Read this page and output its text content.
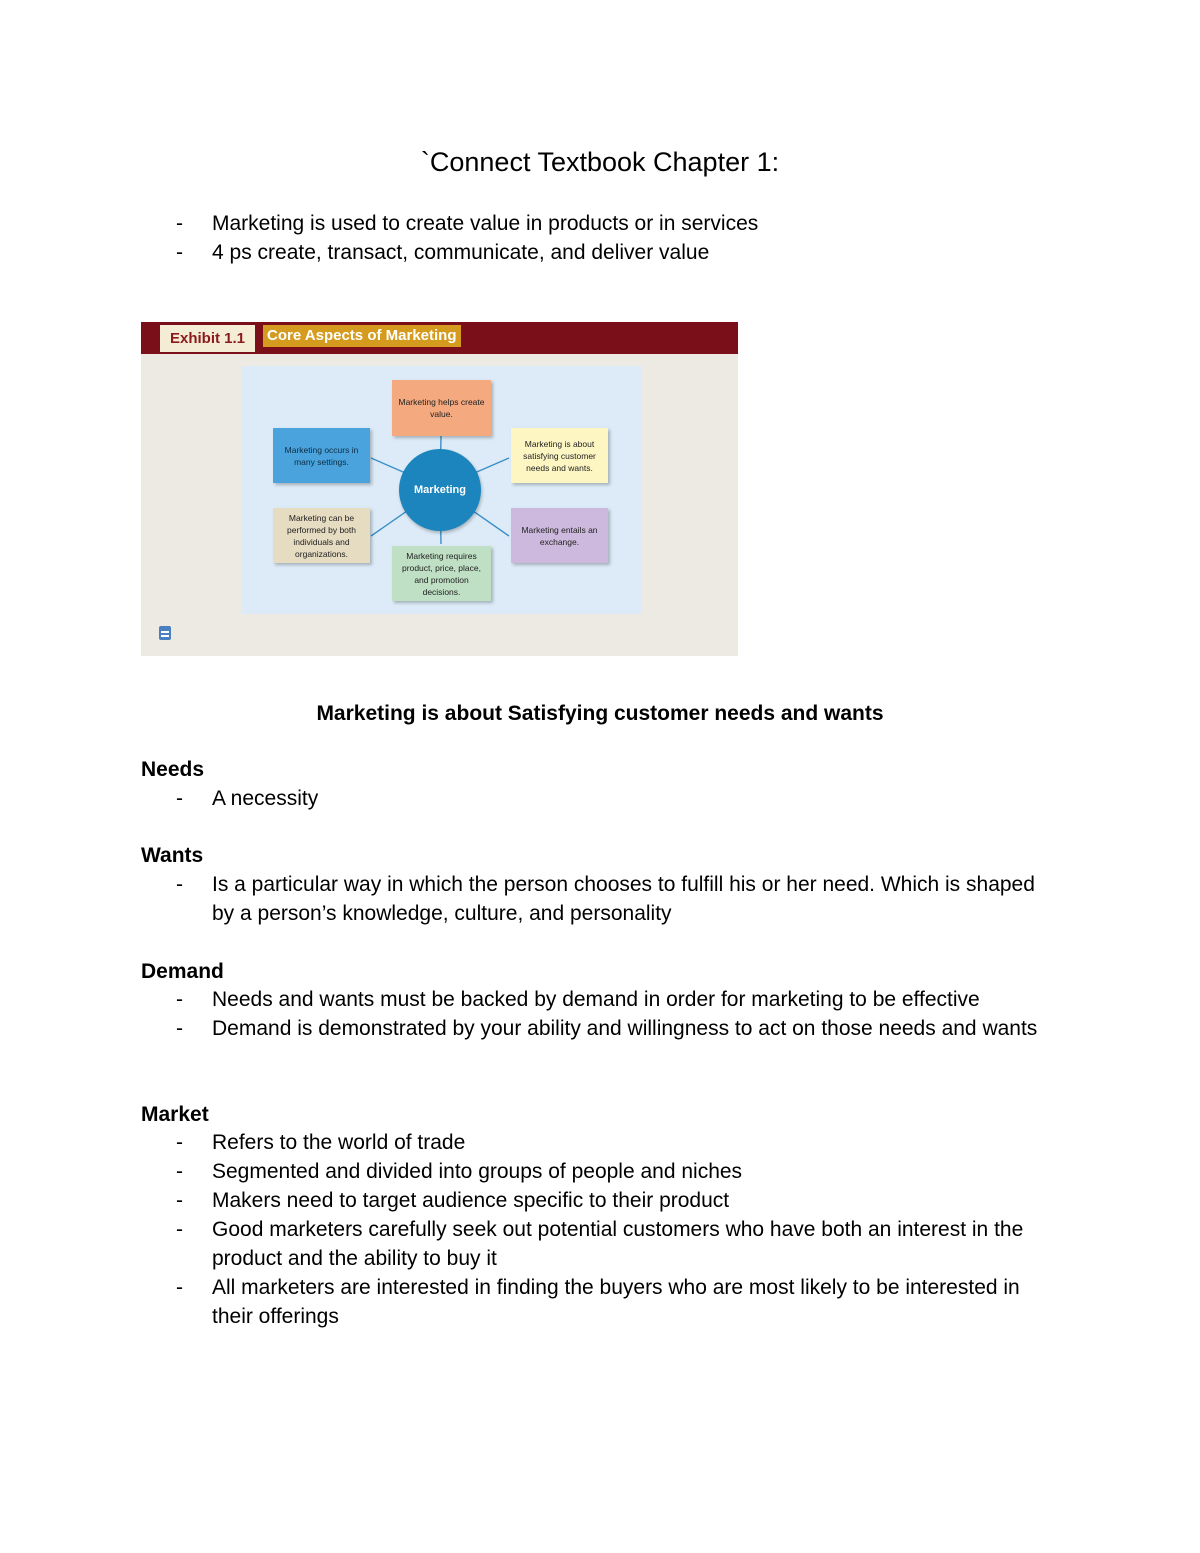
`Connect Textbook Chapter 1:
- Marketing is used to create value in products or in services
- 4 ps create, transact, communicate, and deliver value
Exhibit 1.1	Core Aspects of Marketing
Marketing
Marketing helps create value.
Marketing is about satisfying customer needs and wants.
Marketing entails an exchange.
Marketing requires product, price, place, and promotion decisions.
Marketing can be performed by both individuals and organizations.
Marketing occurs in many settings.
Marketing is about Satisfying customer needs and wants
Needs
- A necessity
Wants
- Is a particular way in which the person chooses to fulfill his or her need. Which is shaped by a person’s knowledge, culture, and personality
Demand
- Needs and wants must be backed by demand in order for marketing to be effective
- Demand is demonstrated by your ability and willingness to act on those needs and wants
Market
- Refers to the world of trade
- Segmented and divided into groups of people and niches
- Makers need to target audience specific to their product
- Good marketers carefully seek out potential customers who have both an interest in the product and the ability to buy it
- All marketers are interested in finding the buyers who are most likely to be interested in their offerings
